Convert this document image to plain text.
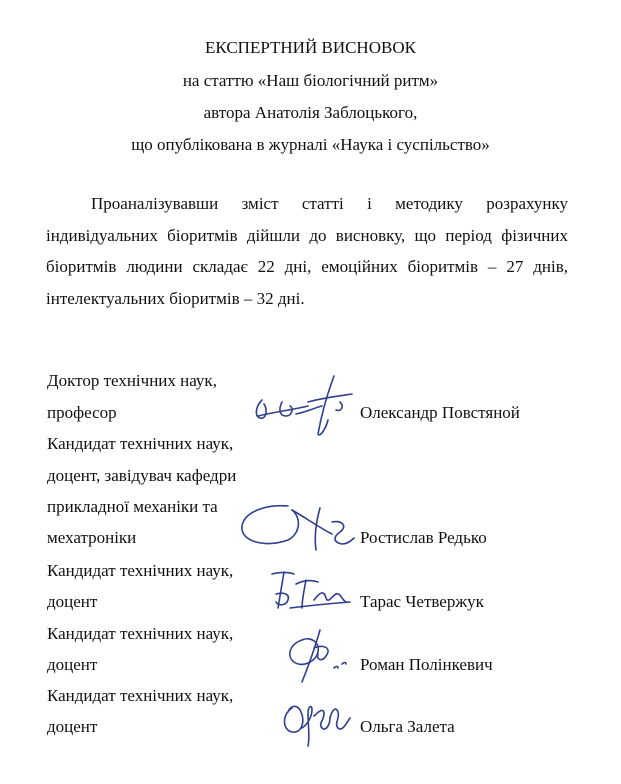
ЕКСПЕРТНИЙ ВИСНОВОК
на статтю «Наш біологічний ритм»
автора Анатолія Заблоцького,
що опублікована в журналі «Наука і суспільство»
Проаналізувавши зміст статті і методику розрахунку
індивідуальних біоритмів дійшли до висновку, що період фізичних
біоритмів людини складає 22 дні, емоційних біоритмів – 27 днів,
інтелектуальних біоритмів – 32 дні.
Доктор технічних наук,
професор	Олександр Повстяной
Кандидат технічних наук,
доцент, завідувач кафедри
прикладної механіки та
мехатроніки	Ростислав Редько
Кандидат технічних наук,
доцент	Тарас Четвержук
Кандидат технічних наук,
доцент	Роман Полінкевич
Кандидат технічних наук,
доцент	Ольга Залета
